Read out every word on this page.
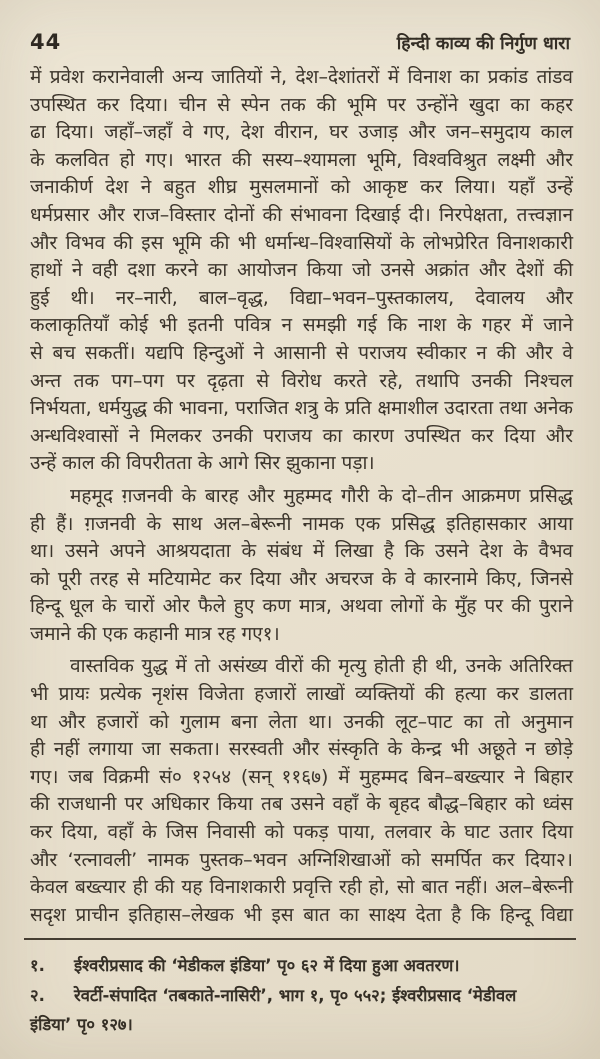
44	हिन्दी काव्य की निर्गुण धारा
में प्रवेश करानेवाली अन्य जातियों ने, देश–देशांतरों में विनाश का प्रकांड तांडव
उपस्थित कर दिया। चीन से स्पेन तक की भूमि पर उन्होंने खुदा का कहर
ढा दिया। जहाँ–जहाँ वे गए, देश वीरान, घर उजाड़ और जन–समुदाय काल
के कलवित हो गए। भारत की सस्य–श्यामला भूमि, विश्वविश्रुत लक्ष्मी और
जनाकीर्ण देश ने बहुत शीघ्र मुसलमानों को आकृष्ट कर लिया। यहाँ उन्हें
धर्मप्रसार और राज–विस्तार दोनों की संभावना दिखाई दी। निरपेक्षता, तत्त्वज्ञान
और विभव की इस भूमि की भी धर्मान्ध–विश्वासियों के लोभप्रेरित विनाशकारी
हाथों ने वही दशा करने का आयोजन किया जो उनसे अक्रांत और देशों की
हुई थी। नर–नारी, बाल–वृद्ध, विद्या–भवन–पुस्तकालय, देवालय और
कलाकृतियाँ कोई भी इतनी पवित्र न समझी गई कि नाश के गहर में जाने
से बच सकतीं। यद्यपि हिन्दुओं ने आसानी से पराजय स्वीकार न की और वे
अन्त तक पग–पग पर दृढ़ता से विरोध करते रहे, तथापि उनकी निश्चल
निर्भयता, धर्मयुद्ध की भावना, पराजित शत्रु के प्रति क्षमाशील उदारता तथा अनेक
अन्धविश्वासों ने मिलकर उनकी पराजय का कारण उपस्थित कर दिया और
उन्हें काल की विपरीतता के आगे सिर झुकाना पड़ा।
महमूद ग़जनवी के बारह और मुहम्मद गौरी के दो–तीन आक्रमण प्रसिद्ध
ही हैं। ग़जनवी के साथ अल–बेरूनी नामक एक प्रसिद्ध इतिहासकार आया
था। उसने अपने आश्रयदाता के संबंध में लिखा है कि उसने देश के वैभव
को पूरी तरह से मटियामेट कर दिया और अचरज के वे कारनामे किए, जिनसे
हिन्दू धूल के चारों ओर फैले हुए कण मात्र, अथवा लोगों के मुँह पर की पुराने
जमाने की एक कहानी मात्र रह गए१।
वास्तविक युद्ध में तो असंख्य वीरों की मृत्यु होती ही थी, उनके अतिरिक्त
भी प्रायः प्रत्येक नृशंस विजेता हजारों लाखों व्यक्तियों की हत्या कर डालता
था और हजारों को गुलाम बना लेता था। उनकी लूट–पाट का तो अनुमान
ही नहीं लगाया जा सकता। सरस्वती और संस्कृति के केन्द्र भी अछूते न छोड़े
गए। जब विक्रमी सं० १२५४ (सन् ११६७) में मुहम्मद बिन–बख्त्यार ने बिहार
की राजधानी पर अधिकार किया तब उसने वहाँ के बृहद बौद्ध–बिहार को ध्वंस
कर दिया, वहाँ के जिस निवासी को पकड़ पाया, तलवार के घाट उतार दिया
और ‘रत्नावली’ नामक पुस्तक–भवन अग्निशिखाओं को समर्पित कर दिया२।
केवल बख्त्यार ही की यह विनाशकारी प्रवृत्ति रही हो, सो बात नहीं। अल–बेरूनी
सदृश प्राचीन इतिहास–लेखक भी इस बात का साक्ष्य देता है कि हिन्दू विद्या
१. ईश्वरीप्रसाद की ‘मेडीकल इंडिया’ पृ० ६२ में दिया हुआ अवतरण।
२. रेवर्टी-संपादित ‘तबकाते-नासिरी’, भाग १, पृ० ५५२; ईश्वरीप्रसाद ‘मेडीवल
इंडिया’ पृ० १२७।
